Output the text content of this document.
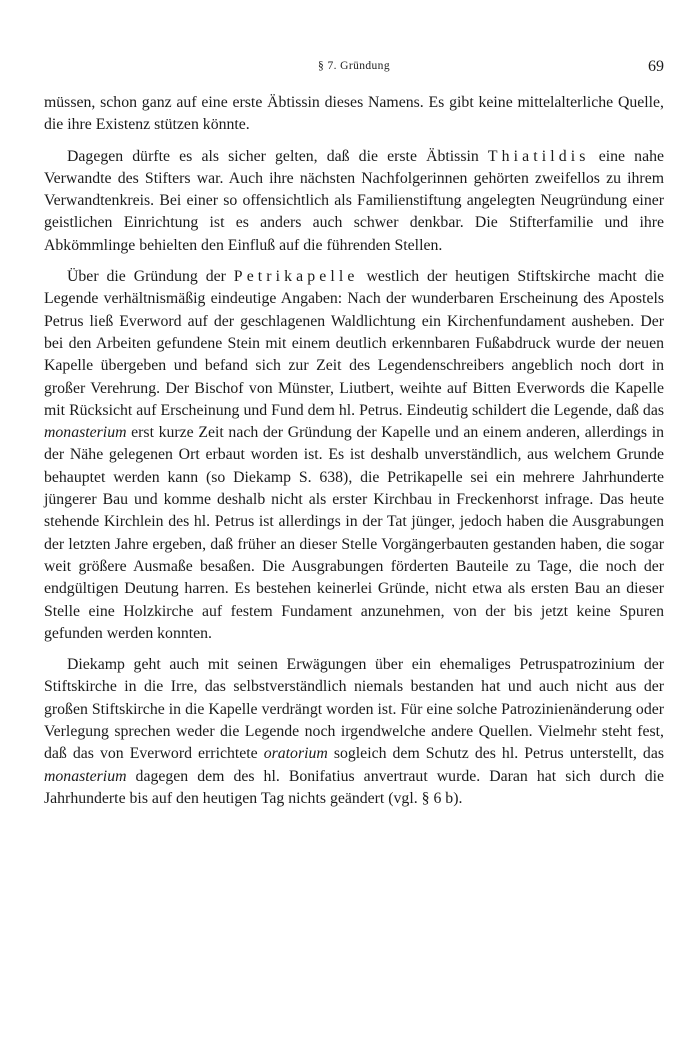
§ 7. Gründung	69

müssen, schon ganz auf eine erste Äbtissin dieses Namens. Es gibt keine mittelalterliche Quelle, die ihre Existenz stützen könnte.

Dagegen dürfte es als sicher gelten, daß die erste Äbtissin Thiatildis eine nahe Verwandte des Stifters war. Auch ihre nächsten Nachfolgerinnen gehörten zweifellos zu ihrem Verwandtenkreis. Bei einer so offensichtlich als Familienstiftung angelegten Neugründung einer geistlichen Einrichtung ist es anders auch schwer denkbar. Die Stifterfamilie und ihre Abkömmlinge behielten den Einfluß auf die führenden Stellen.

Über die Gründung der Petrikapelle westlich der heutigen Stiftskirche macht die Legende verhältnismäßig eindeutige Angaben: Nach der wunderbaren Erscheinung des Apostels Petrus ließ Everword auf der geschlagenen Waldlichtung ein Kirchenfundament ausheben. Der bei den Arbeiten gefundene Stein mit einem deutlich erkennbaren Fußabdruck wurde der neuen Kapelle übergeben und befand sich zur Zeit des Legendenschreibers angeblich noch dort in großer Verehrung. Der Bischof von Münster, Liutbert, weihte auf Bitten Everwords die Kapelle mit Rücksicht auf Erscheinung und Fund dem hl. Petrus. Eindeutig schildert die Legende, daß das monasterium erst kurze Zeit nach der Gründung der Kapelle und an einem anderen, allerdings in der Nähe gelegenen Ort erbaut worden ist. Es ist deshalb unverständlich, aus welchem Grunde behauptet werden kann (so Diekamp S. 638), die Petrikapelle sei ein mehrere Jahrhunderte jüngerer Bau und komme deshalb nicht als erster Kirchbau in Freckenhorst infrage. Das heute stehende Kirchlein des hl. Petrus ist allerdings in der Tat jünger, jedoch haben die Ausgrabungen der letzten Jahre ergeben, daß früher an dieser Stelle Vorgängerbauten gestanden haben, die sogar weit größere Ausmaße besaßen. Die Ausgrabungen förderten Bauteile zu Tage, die noch der endgültigen Deutung harren. Es bestehen keinerlei Gründe, nicht etwa als ersten Bau an dieser Stelle eine Holzkirche auf festem Fundament anzunehmen, von der bis jetzt keine Spuren gefunden werden konnten.

Diekamp geht auch mit seinen Erwägungen über ein ehemaliges Petruspatrozinium der Stiftskirche in die Irre, das selbstverständlich niemals bestanden hat und auch nicht aus der großen Stiftskirche in die Kapelle verdrängt worden ist. Für eine solche Patrozinienänderung oder Verlegung sprechen weder die Legende noch irgendwelche andere Quellen. Vielmehr steht fest, daß das von Everword errichtete oratorium sogleich dem Schutz des hl. Petrus unterstellt, das monasterium dagegen dem des hl. Bonifatius anvertraut wurde. Daran hat sich durch die Jahrhunderte bis auf den heutigen Tag nichts geändert (vgl. § 6 b).
